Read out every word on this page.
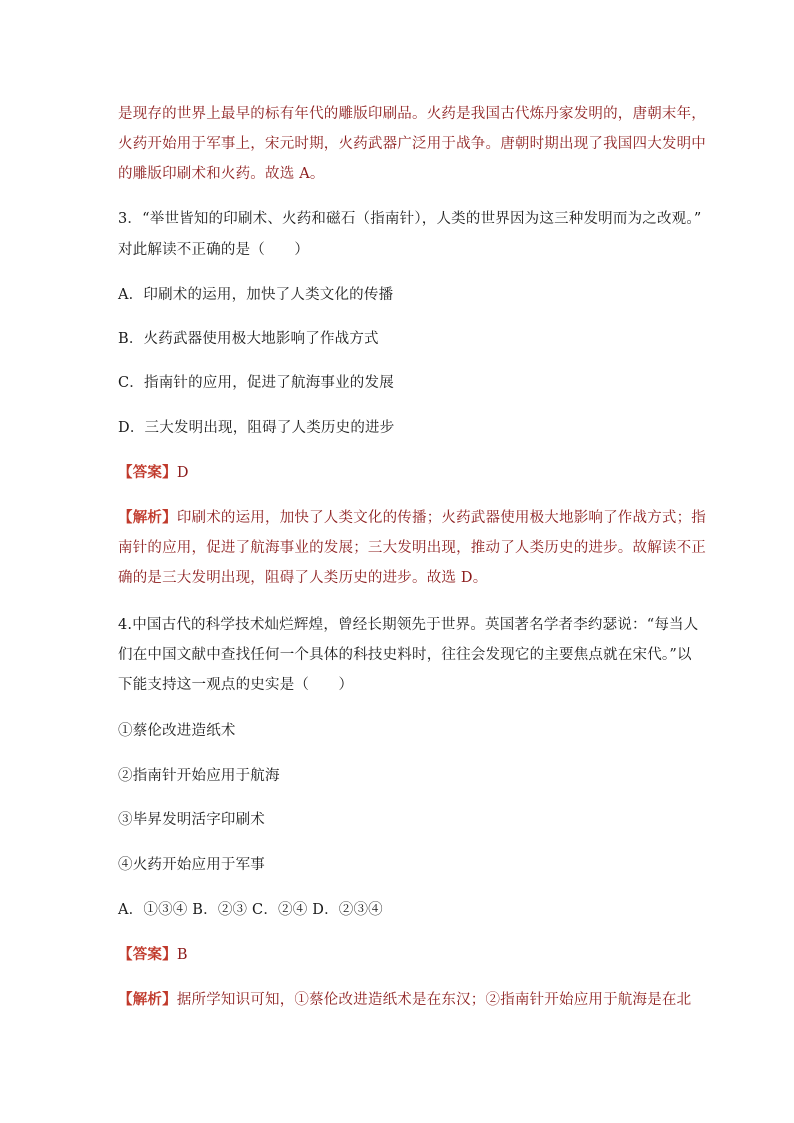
是现存的世界上最早的标有年代的雕版印刷品。火药是我国古代炼丹家发明的，唐朝末年，
火药开始用于军事上，宋元时期，火药武器广泛用于战争。唐朝时期出现了我国四大发明中
的雕版印刷术和火药。故选 A。
3．“举世皆知的印刷术、火药和磁石（指南针），人类的世界因为这三种发明而为之改观。”
对此解读不正确的是（　　）
A．印刷术的运用，加快了人类文化的传播
B．火药武器使用极大地影响了作战方式
C．指南针的应用，促进了航海事业的发展
D．三大发明出现，阻碍了人类历史的进步
【答案】D
【解析】印刷术的运用，加快了人类文化的传播；火药武器使用极大地影响了作战方式；指
南针的应用，促进了航海事业的发展；三大发明出现，推动了人类历史的进步。故解读不正
确的是三大发明出现，阻碍了人类历史的进步。故选 D。
4.中国古代的科学技术灿烂辉煌，曾经长期领先于世界。英国著名学者李约瑟说：“每当人
们在中国文献中查找任何一个具体的科技史料时，往往会发现它的主要焦点就在宋代。”以
下能支持这一观点的史实是（　　）
①蔡伦改进造纸术
②指南针开始应用于航海
③毕昇发明活字印刷术
④火药开始应用于军事
A．①③④ B．②③ C．②④ D．②③④
【答案】B
【解析】据所学知识可知，①蔡伦改进造纸术是在东汉；②指南针开始应用于航海是在北
